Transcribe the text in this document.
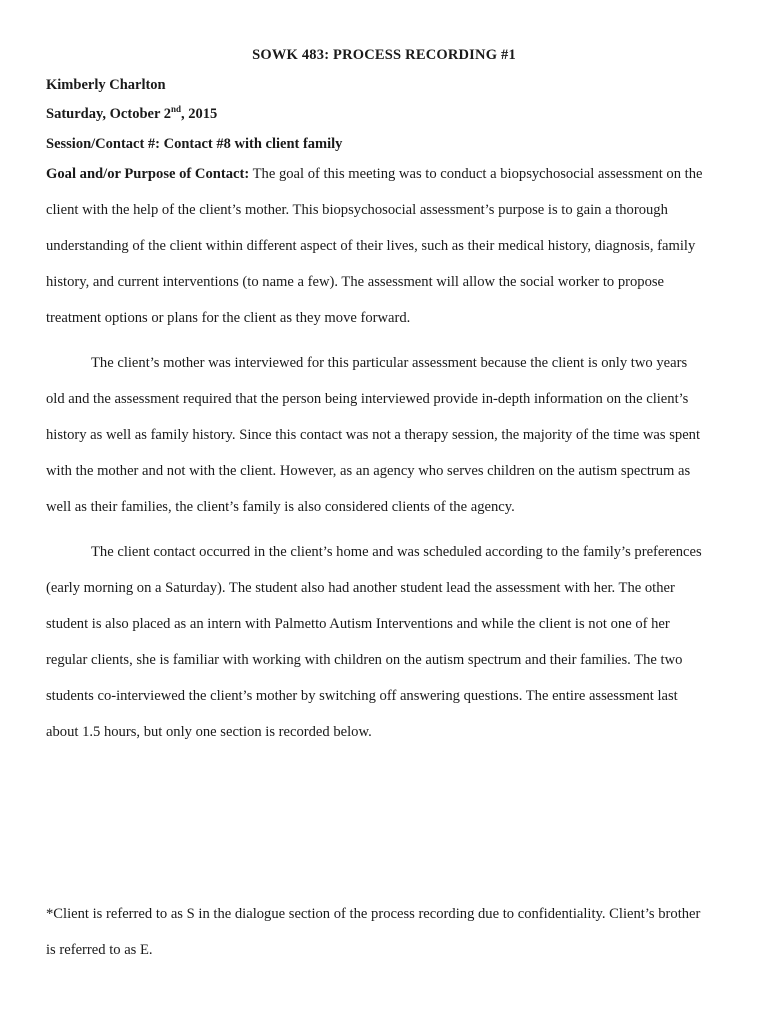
SOWK 483: PROCESS RECORDING #1
Kimberly Charlton
Saturday, October 2nd, 2015
Session/Contact #: Contact #8 with client family
Goal and/or Purpose of Contact: The goal of this meeting was to conduct a biopsychosocial assessment on the
client with the help of the client’s mother. This biopsychosocial assessment’s purpose is to gain a thorough
understanding of the client within different aspect of their lives, such as their medical history, diagnosis, family
history, and current interventions (to name a few). The assessment will allow the social worker to propose
treatment options or plans for the client as they move forward.
The client’s mother was interviewed for this particular assessment because the client is only two years
old and the assessment required that the person being interviewed provide in-depth information on the client’s
history as well as family history. Since this contact was not a therapy session, the majority of the time was spent
with the mother and not with the client. However, as an agency who serves children on the autism spectrum as
well as their families, the client’s family is also considered clients of the agency.
The client contact occurred in the client’s home and was scheduled according to the family’s preferences
(early morning on a Saturday). The student also had another student lead the assessment with her. The other
student is also placed as an intern with Palmetto Autism Interventions and while the client is not one of her
regular clients, she is familiar with working with children on the autism spectrum and their families. The two
students co-interviewed the client’s mother by switching off answering questions. The entire assessment last
about 1.5 hours, but only one section is recorded below.
*Client is referred to as S in the dialogue section of the process recording due to confidentiality. Client’s brother
is referred to as E.
